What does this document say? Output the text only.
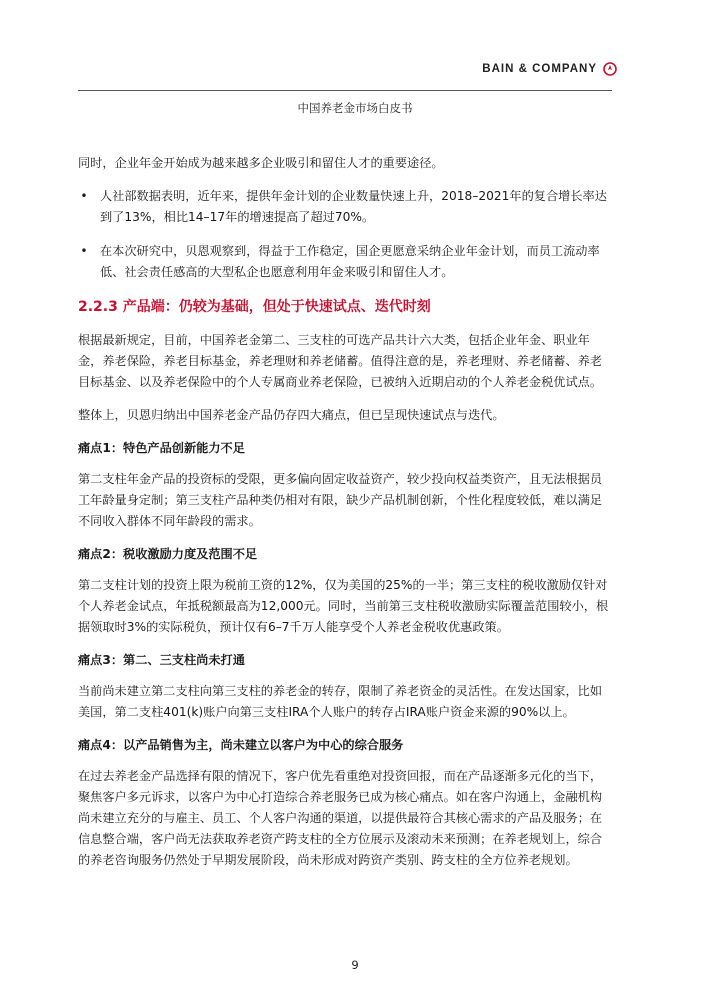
BAIN & COMPANY
中国养老金市场白皮书

同时，企业年金开始成为越来越多企业吸引和留住人才的重要途径。

• 人社部数据表明，近年来，提供年金计划的企业数量快速上升，2018–2021年的复合增长率达到了13%，相比14–17年的增速提高了超过70%。

• 在本次研究中，贝恩观察到，得益于工作稳定，国企更愿意采纳企业年金计划，而员工流动率低、社会责任感高的大型私企也愿意利用年金来吸引和留住人才。

2.2.3 产品端：仍较为基础，但处于快速试点、迭代时刻

根据最新规定，目前，中国养老金第二、三支柱的可选产品共计六大类，包括企业年金、职业年金，养老保险，养老目标基金，养老理财和养老储蓄。值得注意的是，养老理财、养老储蓄、养老目标基金、以及养老保险中的个人专属商业养老保险，已被纳入近期启动的个人养老金税优试点。

整体上，贝恩归纳出中国养老金产品仍存四大痛点，但已呈现快速试点与迭代。

痛点1：特色产品创新能力不足

第二支柱年金产品的投资标的受限，更多偏向固定收益资产，较少投向权益类资产，且无法根据员工年龄量身定制；第三支柱产品种类仍相对有限，缺少产品机制创新，个性化程度较低，难以满足不同收入群体不同年龄段的需求。

痛点2：税收激励力度及范围不足

第二支柱计划的投资上限为税前工资的12%，仅为美国的25%的一半；第三支柱的税收激励仅针对个人养老金试点，年抵税额最高为12,000元。同时，当前第三支柱税收激励实际覆盖范围较小，根据领取时3%的实际税负，预计仅有6–7千万人能享受个人养老金税收优惠政策。

痛点3：第二、三支柱尚未打通

当前尚未建立第二支柱向第三支柱的养老金的转存，限制了养老资金的灵活性。在发达国家，比如美国，第二支柱401(k)账户向第三支柱IRA个人账户的转存占IRA账户资金来源的90%以上。

痛点4：以产品销售为主，尚未建立以客户为中心的综合服务

在过去养老金产品选择有限的情况下，客户优先看重绝对投资回报，而在产品逐渐多元化的当下，聚焦客户多元诉求，以客户为中心打造综合养老服务已成为核心痛点。如在客户沟通上，金融机构尚未建立充分的与雇主、员工、个人客户沟通的渠道，以提供最符合其核心需求的产品及服务；在信息整合端，客户尚无法获取养老资产跨支柱的全方位展示及滚动未来预测；在养老规划上，综合的养老咨询服务仍然处于早期发展阶段，尚未形成对跨资产类别、跨支柱的全方位养老规划。

9
